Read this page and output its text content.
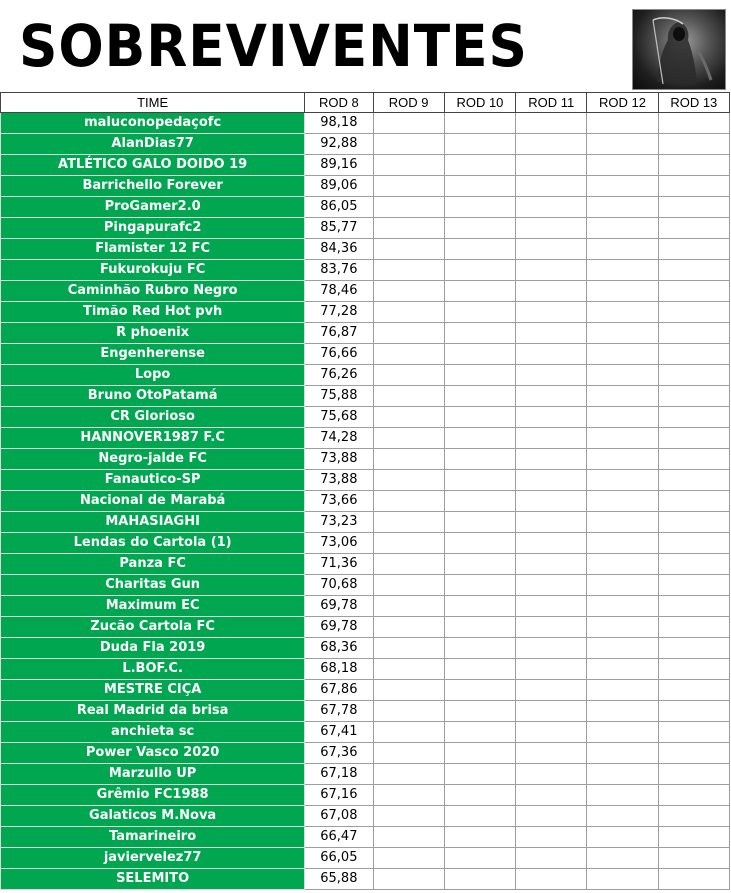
SOBREVIVENTES
TIME	ROD 8	ROD 9	ROD 10	ROD 11	ROD 12	ROD 13
maluconopedaçofc	98,18					
AlanDias77	92,88					
ATLÉTICO GALO DOIDO 19	89,16					
Barrichello Forever	89,06					
ProGamer2.0	86,05					
Pingapurafc2	85,77					
Flamister 12 FC	84,36					
Fukurokuju FC	83,76					
Caminhão Rubro Negro	78,46					
Timão Red Hot pvh	77,28					
R phoenix	76,87					
Engenherense	76,66					
Lopo	76,26					
Bruno OtoPatamá	75,88					
CR Glorioso	75,68					
HANNOVER1987 F.C	74,28					
Negro-jalde FC	73,88					
Fanautico-SP	73,88					
Nacional de Marabá	73,66					
MAHASIAGHI	73,23					
Lendas do Cartola (1)	73,06					
Panza FC	71,36					
Charitas Gun	70,68					
Maximum EC	69,78					
Zucão Cartola FC	69,78					
Duda Fla 2019	68,36					
L.BOF.C.	68,18					
MESTRE CIÇA	67,86					
Real Madrid da brisa	67,78					
anchieta sc	67,41					
Power Vasco 2020	67,36					
Marzullo UP	67,18					
Grêmio FC1988	67,16					
Galaticos M.Nova	67,08					
Tamarineiro	66,47					
javiervelez77	66,05					
SELEMITO	65,88					
